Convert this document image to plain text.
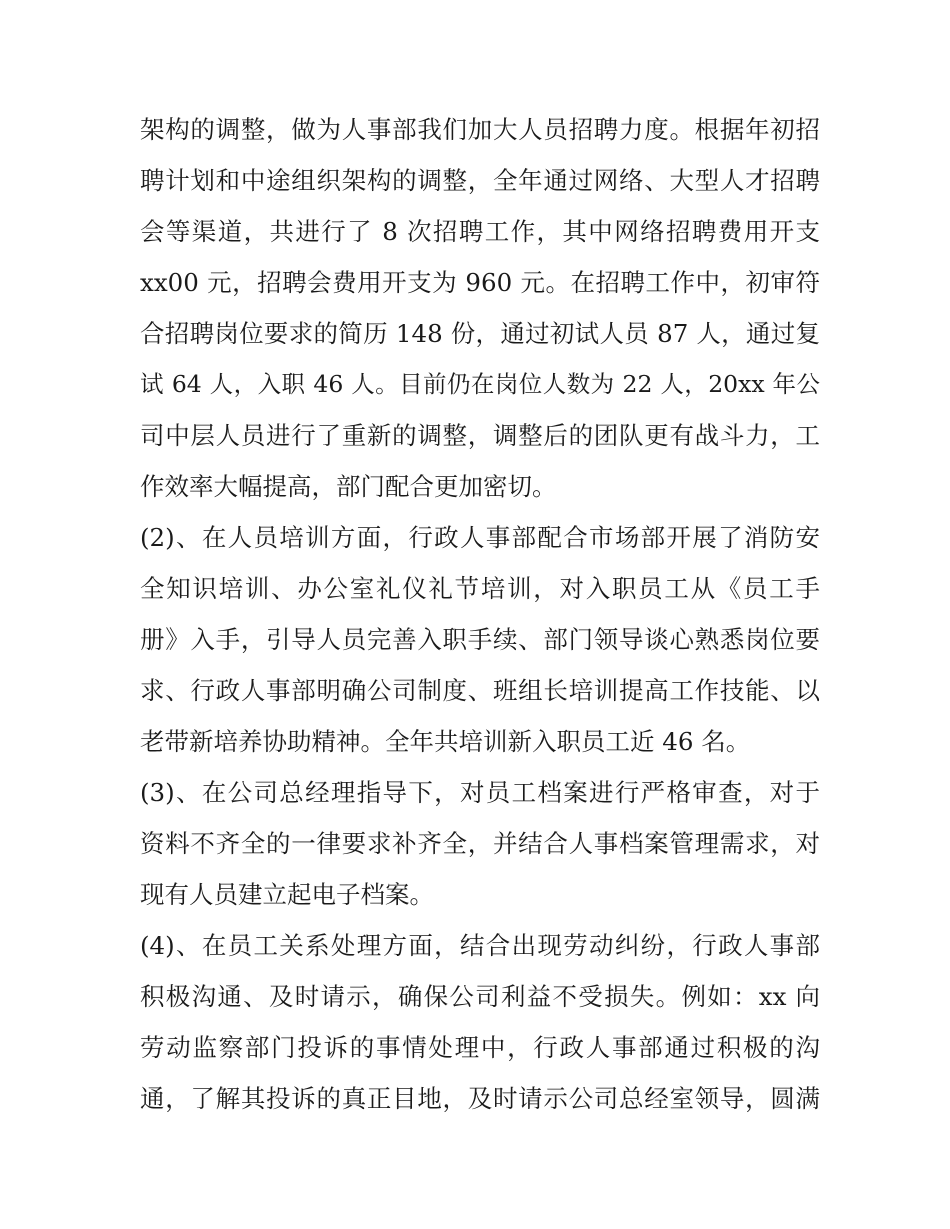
架构的调整，做为人事部我们加大人员招聘力度。根据年初招
聘计划和中途组织架构的调整，全年通过网络、大型人才招聘
会等渠道，共进行了 8 次招聘工作，其中网络招聘费用开支
xx00 元，招聘会费用开支为 960 元。在招聘工作中，初审符
合招聘岗位要求的简历 148 份，通过初试人员 87 人，通过复
试 64 人，入职 46 人。目前仍在岗位人数为 22 人，20xx 年公
司中层人员进行了重新的调整，调整后的团队更有战斗力，工
作效率大幅提高，部门配合更加密切。
(2)、在人员培训方面，行政人事部配合市场部开展了消防安
全知识培训、办公室礼仪礼节培训，对入职员工从《员工手
册》入手，引导人员完善入职手续、部门领导谈心熟悉岗位要
求、行政人事部明确公司制度、班组长培训提高工作技能、以
老带新培养协助精神。全年共培训新入职员工近 46 名。
(3)、在公司总经理指导下，对员工档案进行严格审查，对于
资料不齐全的一律要求补齐全，并结合人事档案管理需求，对
现有人员建立起电子档案。
(4)、在员工关系处理方面，结合出现劳动纠纷，行政人事部
积极沟通、及时请示，确保公司利益不受损失。例如：xx 向
劳动监察部门投诉的事情处理中，行政人事部通过积极的沟
通，了解其投诉的真正目地，及时请示公司总经室领导，圆满
